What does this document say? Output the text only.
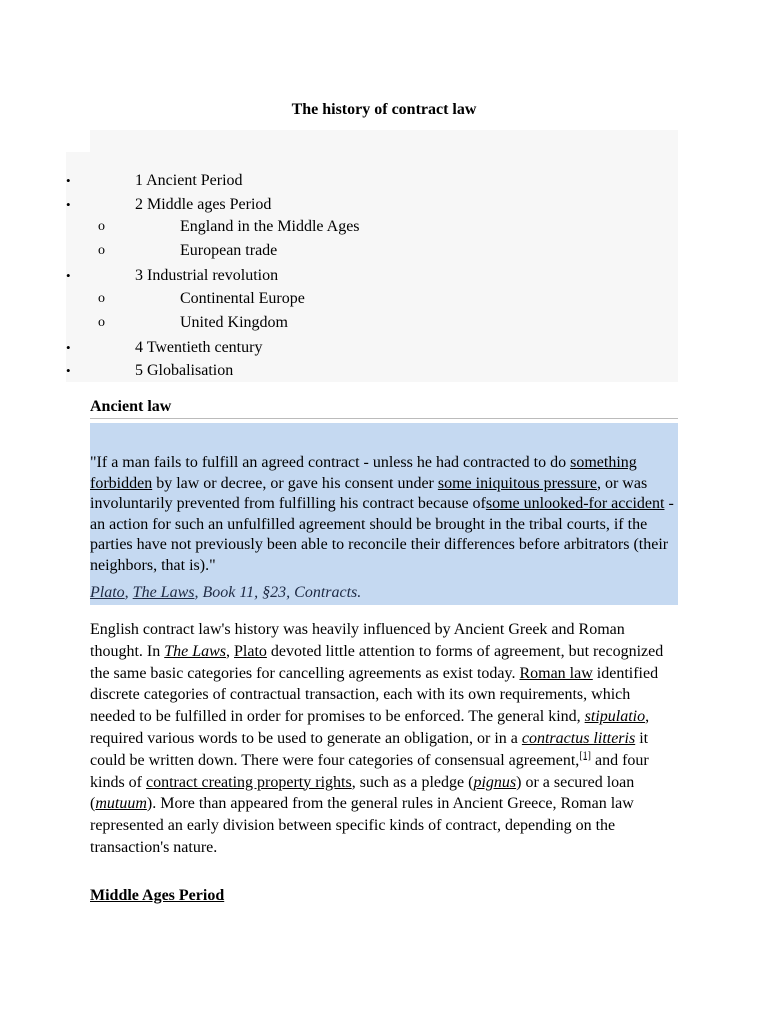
The history of contract law
•	1 Ancient Period
•	2 Middle ages Period
o	England in the Middle Ages
o	European trade
•	3 Industrial revolution
o	Continental Europe
o	United Kingdom
•	4 Twentieth century
•	5 Globalisation
Ancient law
"If a man fails to fulfill an agreed contract - unless he had contracted to do something forbidden by law or decree, or gave his consent under some iniquitous pressure, or was involuntarily prevented from fulfilling his contract because ofsome unlooked-for accident - an action for such an unfulfilled agreement should be brought in the tribal courts, if the parties have not previously been able to reconcile their differences before arbitrators (their neighbors, that is)."
Plato, The Laws, Book 11, §23, Contracts.
English contract law's history was heavily influenced by Ancient Greek and Roman thought. In The Laws, Plato devoted little attention to forms of agreement, but recognized the same basic categories for cancelling agreements as exist today. Roman law identified discrete categories of contractual transaction, each with its own requirements, which needed to be fulfilled in order for promises to be enforced. The general kind, stipulatio, required various words to be used to generate an obligation, or in a contractus litteris it could be written down. There were four categories of consensual agreement,[1] and four kinds of contract creating property rights, such as a pledge (pignus) or a secured loan (mutuum). More than appeared from the general rules in Ancient Greece, Roman law represented an early division between specific kinds of contract, depending on the transaction's nature.
Middle Ages Period
